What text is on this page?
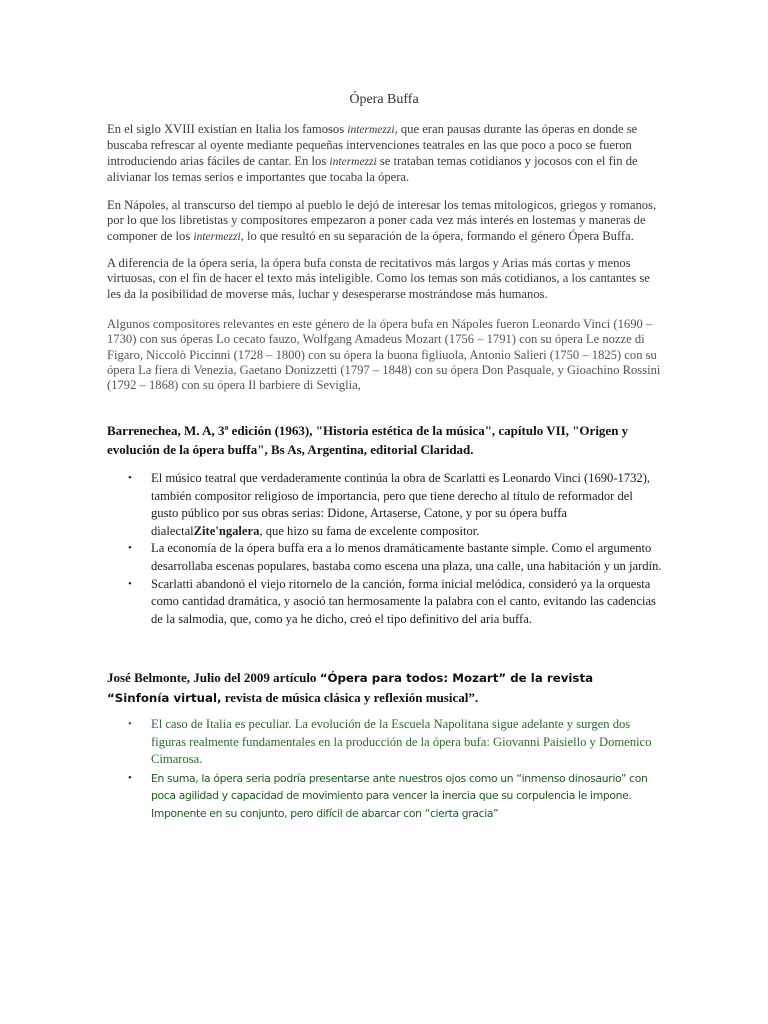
Ópera Buffa

En el siglo XVIII existían en Italia los famosos intermezzi, que eran pausas durante las óperas en donde se buscaba refrescar al oyente mediante pequeñas intervenciones teatrales en las que poco a poco se fueron introduciendo arias fáciles de cantar. En los intermezzi se trataban temas cotidianos y jocosos con el fin de alivianar los temas serios e importantes que tocaba la ópera.

En Nápoles, al transcurso del tiempo al pueblo le dejó de interesar los temas mitologicos, griegos y romanos, por lo que los libretistas y compositores empezaron a poner cada vez más interés en lostemas y maneras de componer de los intermezzi, lo que resultó en su separación de la ópera, formando el género Ópera Buffa.

A diferencia de la ópera seria, la ópera bufa consta de recitativos más largos y Arias más cortas y menos virtuosas, con el fin de hacer el texto más inteligible. Como los temas son más cotidianos, a los cantantes se les da la posibilidad de moverse más, luchar y desesperarse mostrándose más humanos.

Algunos compositores relevantes en este género de la ópera bufa en Nápoles fueron Leonardo Vinci (1690 – 1730) con sus óperas Lo cecato fauzo, Wolfgang Amadeus Mozart (1756 – 1791) con su ópera Le nozze di Figaro, Niccolò Piccinni (1728 – 1800) con su ópera la buona figliuola, Antonio Salieri (1750 – 1825) con su ópera La fiera di Venezia, Gaetano Donizzetti (1797 – 1848) con su ópera Don Pasquale, y Gioachino Rossini (1792 – 1868) con su ópera Il barbiere di Seviglia,

Barrenechea, M. A, 3ª edición (1963), "Historia estética de la música", capítulo VII, "Origen y evolución de la ópera buffa", Bs As, Argentina, editorial Claridad.

• El músico teatral que verdaderamente continúa la obra de Scarlatti es Leonardo Vinci (1690-1732), también compositor religioso de importancia, pero que tiene derecho al título de reformador del gusto público por sus obras serias: Didone, Artaserse, Catone, y por su ópera buffa dialectalZite'ngalera, que hizo su fama de excelente compositor.
• La economía de la ópera buffa era a lo menos dramáticamente bastante simple. Como el argumento desarrollaba escenas populares, bastaba como escena una plaza, una calle, una habitación y un jardín.
• Scarlatti abandonó el viejo ritornelo de la canción, forma inicial melódica, consideró ya la orquesta como cantidad dramática, y asoció tan hermosamente la palabra con el canto, evitando las cadencias de la salmodia, que, como ya he dicho, creó el tipo definitivo del aria buffa.

José Belmonte, Julio del 2009 artículo “Ópera para todos: Mozart” de la revista “Sinfonía virtual, revista de música clásica y reflexión musical”.

• El caso de Italia es peculiar. La evolución de la Escuela Napolitana sigue adelante y surgen dos figuras realmente fundamentales en la producción de la ópera bufa: Giovanni Paisiello y Domenico Cimarosa.
• En suma, la ópera seria podría presentarse ante nuestros ojos como un “inmenso dinosaurio” con poca agilidad y capacidad de movimiento para vencer la inercia que su corpulencia le impone. Imponente en su conjunto, pero difícil de abarcar con “cierta gracia”
